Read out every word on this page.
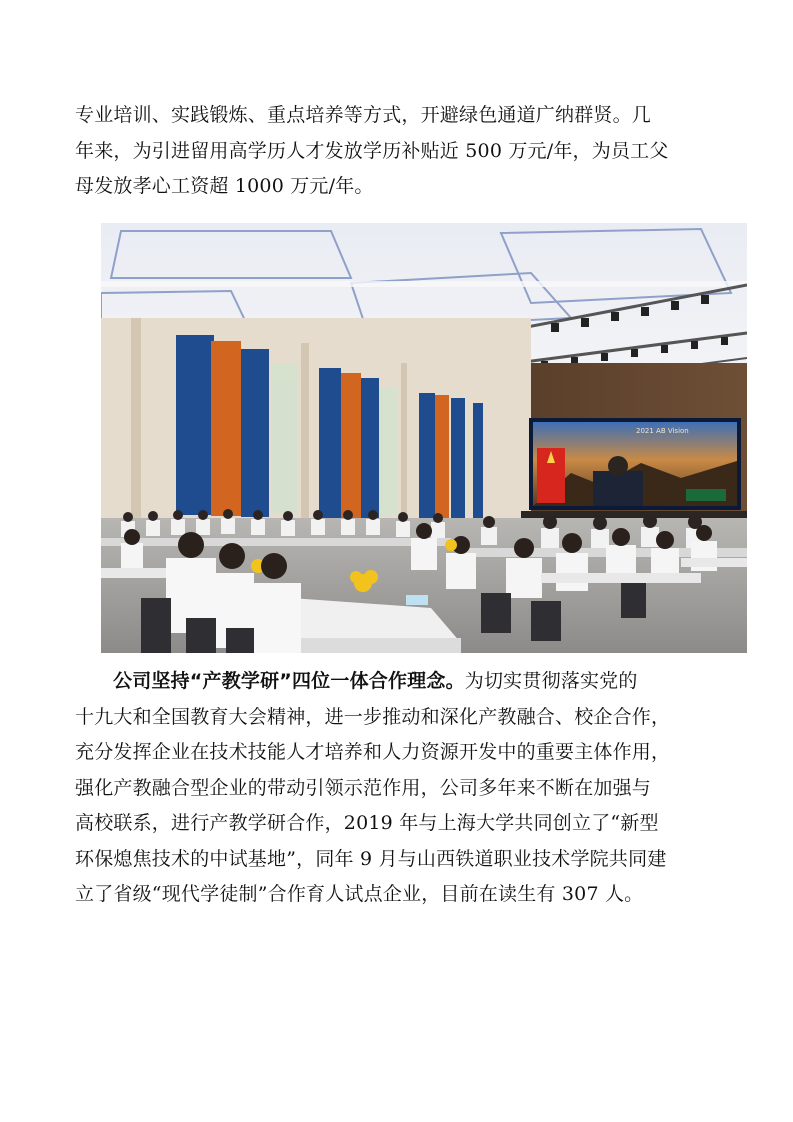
专业培训、实践锻炼、重点培养等方式，开避绿色通道广纳群贤。几
年来，为引进留用高学历人才发放学历补贴近 500 万元/年，为员工父
母发放孝心工资超 1000 万元/年。
2021 AB Vision
公司坚持“产教学研”四位一体合作理念。为切实贯彻落实党的
十九大和全国教育大会精神，进一步推动和深化产教融合、校企合作，
充分发挥企业在技术技能人才培养和人力资源开发中的重要主体作用，
强化产教融合型企业的带动引领示范作用，公司多年来不断在加强与
高校联系，进行产教学研合作，2019 年与上海大学共同创立了“新型
环保熄焦技术的中试基地”，同年 9 月与山西铁道职业技术学院共同建
立了省级“现代学徒制”合作育人试点企业，目前在读生有 307 人。
